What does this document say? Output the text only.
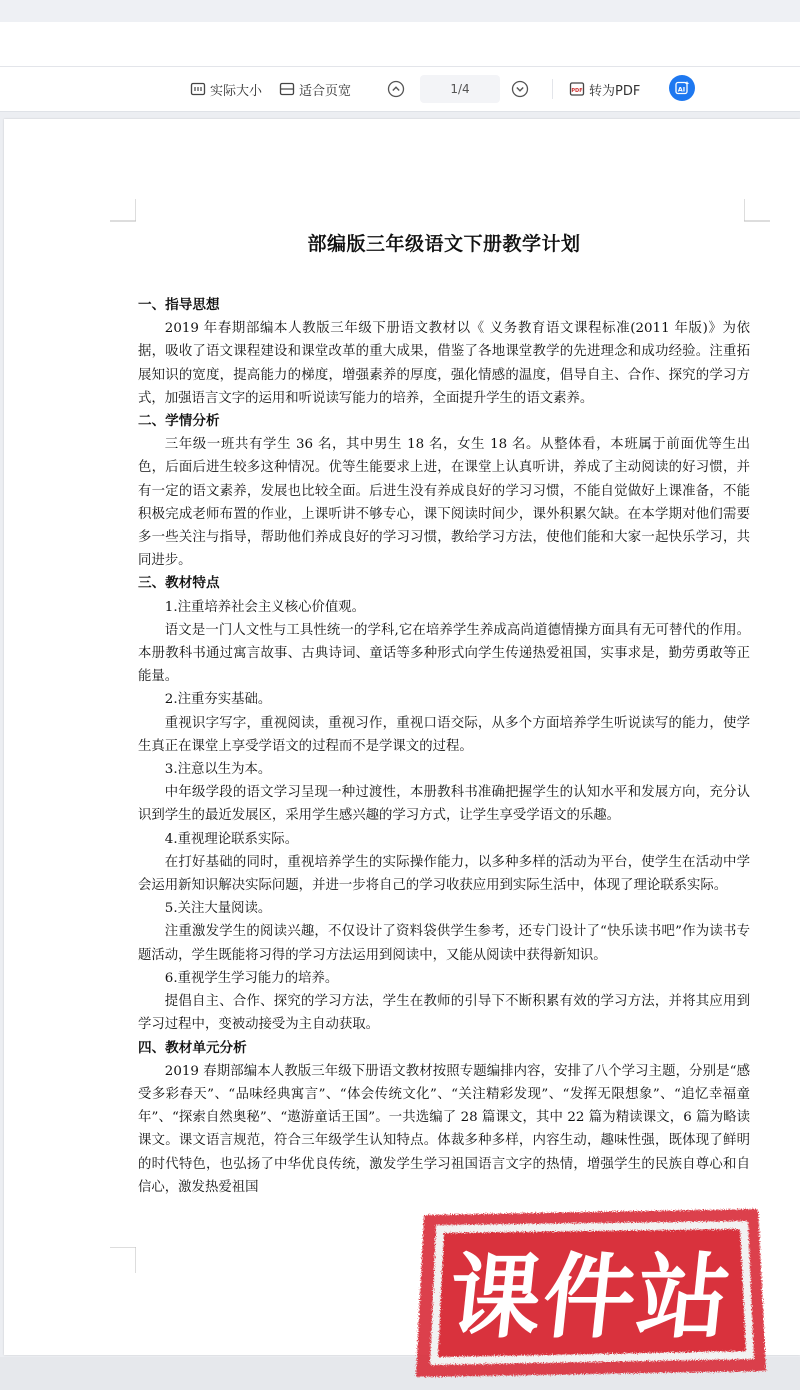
实际大小	适合页宽	1/4	PDF 转为PDF	AI
部编版三年级语文下册教学计划

一、指导思想

2019 年春期部编本人教版三年级下册语文教材以《 义务教育语文课程标准(2011 年版)》为依据，吸收了语文课程建设和课堂改革的重大成果，借鉴了各地课堂教学的先进理念和成功经验。注重拓展知识的宽度，提高能力的梯度，增强素养的厚度，强化情感的温度，倡导自主、合作、探究的学习方式，加强语言文字的运用和听说读写能力的培养，全面提升学生的语文素养。

二、学情分析

三年级一班共有学生 36 名，其中男生 18 名，女生 18 名。从整体看，本班属于前面优等生出色，后面后进生较多这种情况。优等生能要求上进，在课堂上认真听讲，养成了主动阅读的好习惯，并有一定的语文素养，发展也比较全面。后进生没有养成良好的学习习惯，不能自觉做好上课准备，不能积极完成老师布置的作业，上课听讲不够专心，课下阅读时间少，课外积累欠缺。在本学期对他们需要多一些关注与指导，帮助他们养成良好的学习习惯，教给学习方法，使他们能和大家一起快乐学习，共同进步。

三、教材特点

1.注重培养社会主义核心价值观。

语文是一门人文性与工具性统一的学科,它在培养学生养成高尚道德情操方面具有无可替代的作用。本册教科书通过寓言故事、古典诗词、童话等多种形式向学生传递热爱祖国，实事求是，勤劳勇敢等正能量。

2.注重夯实基础。

重视识字写字，重视阅读，重视习作，重视口语交际，从多个方面培养学生听说读写的能力，使学生真正在课堂上享受学语文的过程而不是学课文的过程。

3.注意以生为本。

中年级学段的语文学习呈现一种过渡性，本册教科书准确把握学生的认知水平和发展方向，充分认识到学生的最近发展区，采用学生感兴趣的学习方式，让学生享受学语文的乐趣。

4.重视理论联系实际。

在打好基础的同时，重视培养学生的实际操作能力，以多种多样的活动为平台，使学生在活动中学会运用新知识解决实际问题，并进一步将自己的学习收获应用到实际生活中，体现了理论联系实际。

5.关注大量阅读。

注重激发学生的阅读兴趣，不仅设计了资料袋供学生参考，还专门设计了“快乐读书吧”作为读书专题活动，学生既能将习得的学习方法运用到阅读中，又能从阅读中获得新知识。

6.重视学生学习能力的培养。

提倡自主、合作、探究的学习方法，学生在教师的引导下不断积累有效的学习方法，并将其应用到学习过程中，变被动接受为主自动获取。

四、教材单元分析

2019 春期部编本人教版三年级下册语文教材按照专题编排内容，安排了八个学习主题，分别是“感受多彩春天”、“品味经典寓言”、“体会传统文化”、“关注精彩发现”、“发挥无限想象”、“追忆幸福童年”、“探索自然奥秘”、“遨游童话王国”。一共选编了 28 篇课文，其中 22 篇为精读课文，6 篇为略读课文。课文语言规范，符合三年级学生认知特点。体裁多种多样，内容生动，趣味性强，既体现了鲜明的时代特色，也弘扬了中华优良传统，激发学生学习祖国语言文字的热情，增强学生的民族自尊心和自信心，激发热爱祖国

课件站
